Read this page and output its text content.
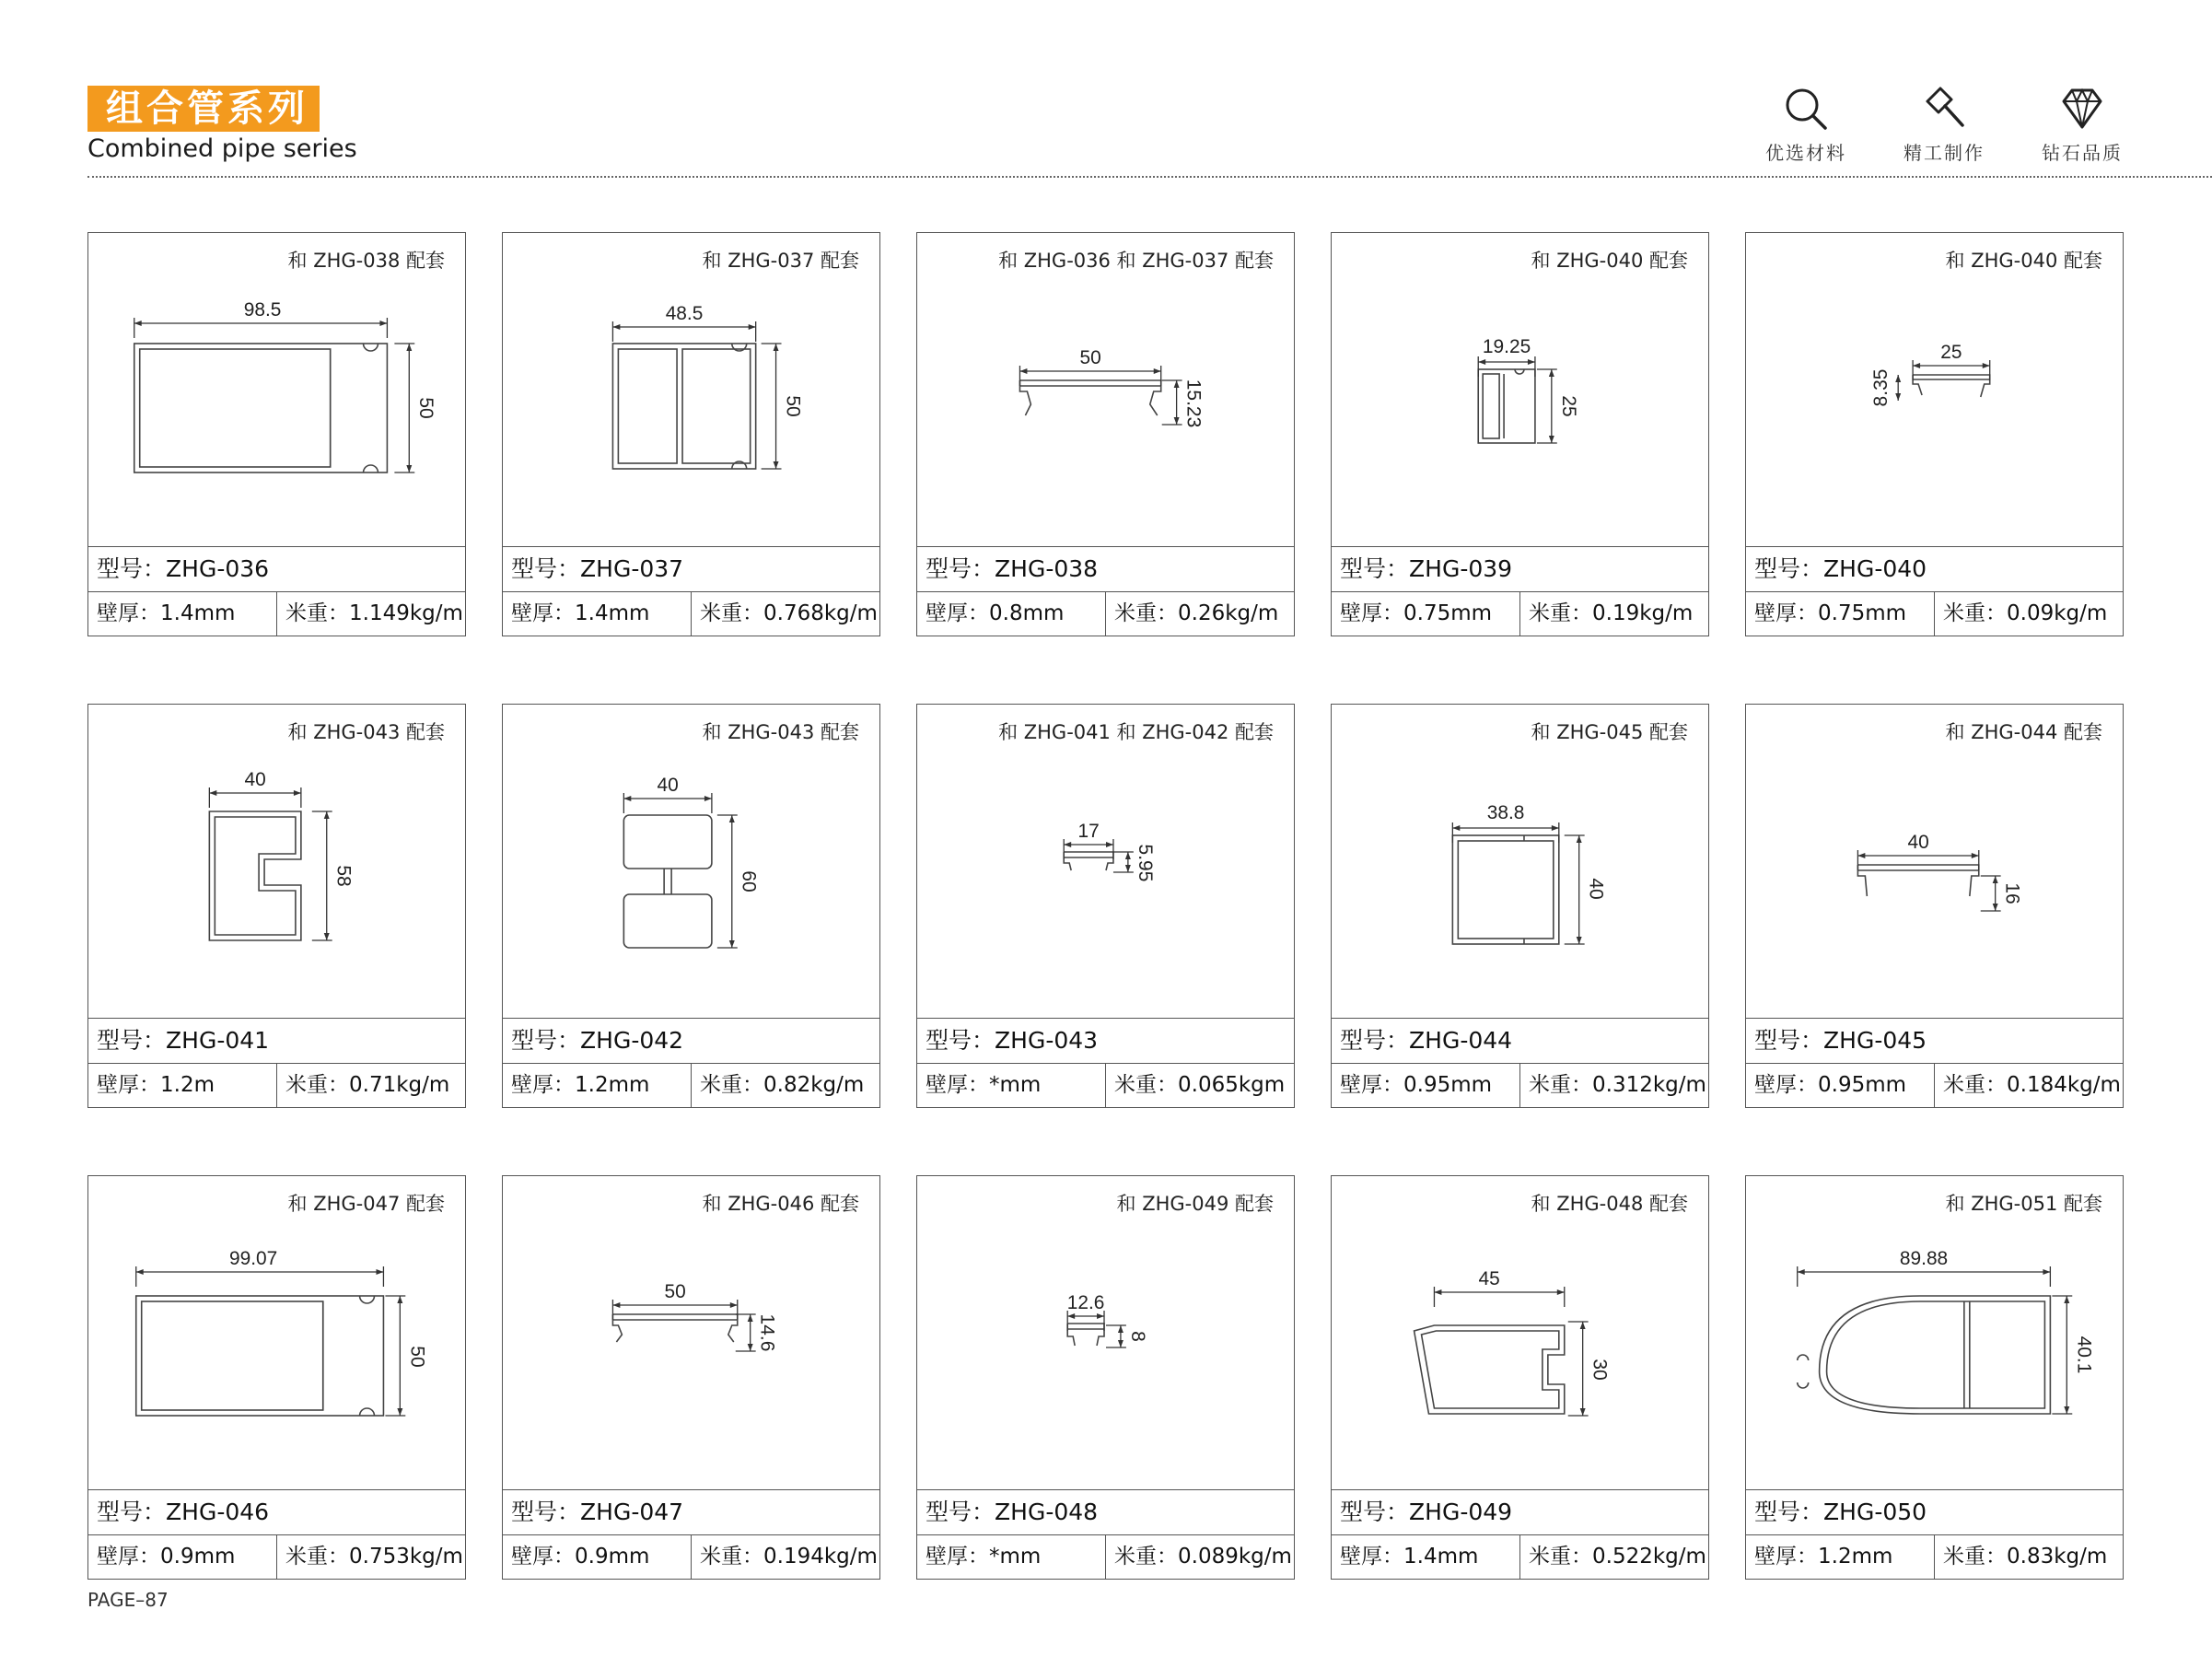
组合管系列
Combined pipe series	优选材料	精工制作	钻石品质
98.5
50
和 ZHG-038 配套
型号：ZHG-036
壁厚：1.4mm	米重：1.149kg/m
48.5
50
和 ZHG-037 配套
型号：ZHG-037
壁厚：1.4mm	米重：0.768kg/m
50
15.23
和 ZHG-036 和 ZHG-037 配套
型号：ZHG-038
壁厚：0.8mm	米重：0.26kg/m
19.25
25
和 ZHG-040 配套
型号：ZHG-039
壁厚：0.75mm	米重：0.19kg/m
25
8.35
和 ZHG-040 配套
型号：ZHG-040
壁厚：0.75mm	米重：0.09kg/m
40
58
和 ZHG-043 配套
型号：ZHG-041
壁厚：1.2m	米重：0.71kg/m
40
60
和 ZHG-043 配套
型号：ZHG-042
壁厚：1.2mm	米重：0.82kg/m
17
5.95
和 ZHG-041 和 ZHG-042 配套
型号：ZHG-043
壁厚：*mm	米重：0.065kgm
38.8
40
和 ZHG-045 配套
型号：ZHG-044
壁厚：0.95mm	米重：0.312kg/m
40
16
和 ZHG-044 配套
型号：ZHG-045
壁厚：0.95mm	米重：0.184kg/m
99.07
50
和 ZHG-047 配套
型号：ZHG-046
壁厚：0.9mm	米重：0.753kg/m
50
14.6
和 ZHG-046 配套
型号：ZHG-047
壁厚：0.9mm	米重：0.194kg/m
12.6
8
和 ZHG-049 配套
型号：ZHG-048
壁厚：*mm	米重：0.089kg/m
45
30
和 ZHG-048 配套
型号：ZHG-049
壁厚：1.4mm	米重：0.522kg/m
89.88
40.1
和 ZHG-051 配套
型号：ZHG-050
壁厚：1.2mm	米重：0.83kg/m
PAGE–87
